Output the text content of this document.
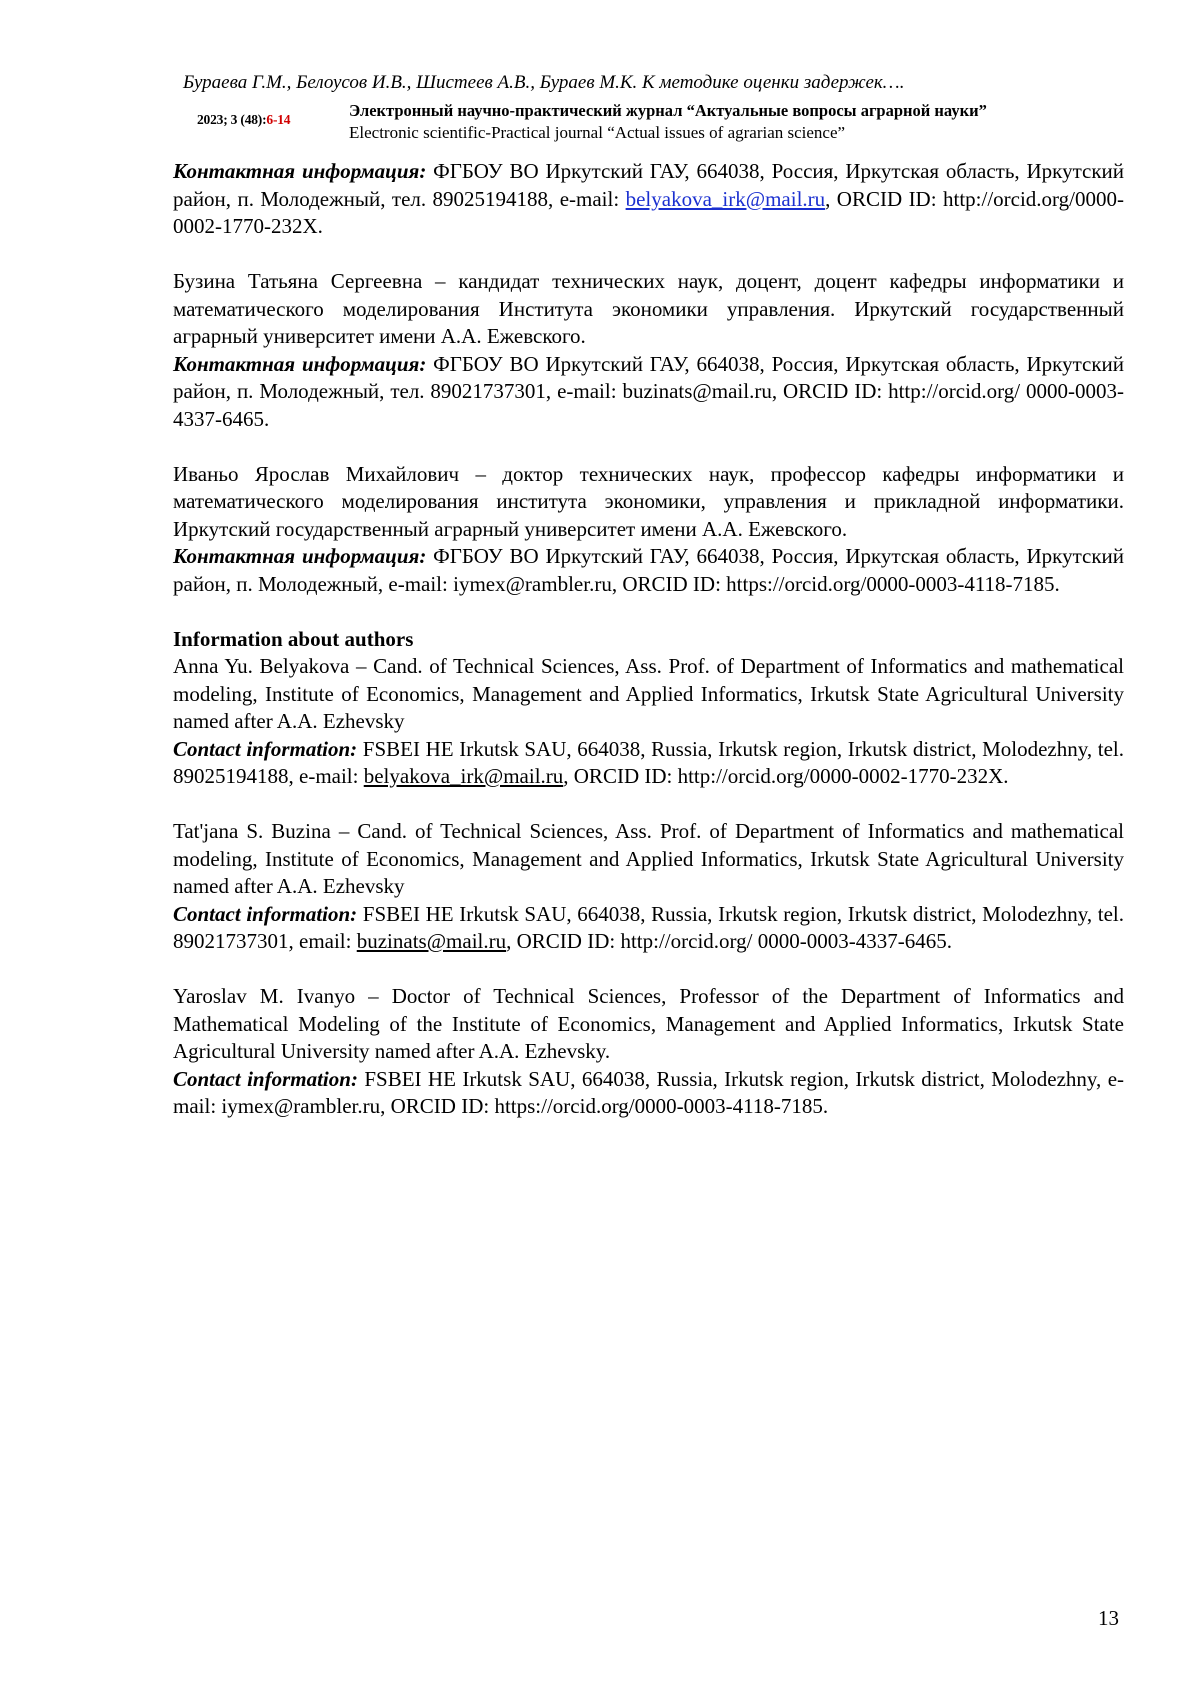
Бураева Г.М., Белоусов И.В., Шистеев А.В., Бураев М.К. К методике оценки задержек….
2023; 3 (48):6-14	Электронный научно-практический журнал “Актуальные вопросы аграрной науки”
Electronic scientific-Practical journal “Actual issues of agrarian science”

Контактная информация: ФГБОУ ВО Иркутский ГАУ, 664038, Россия, Иркутская область, Иркутский район, п. Молодежный, тел. 89025194188, e-mail: belyakova_irk@mail.ru, ORCID ID: http://orcid.org/0000-0002-1770-232X.

Бузина Татьяна Сергеевна – кандидат технических наук, доцент, доцент кафедры информатики и математического моделирования Института экономики управления. Иркутский государственный аграрный университет имени А.А. Ежевского.

Контактная информация: ФГБОУ ВО Иркутский ГАУ, 664038, Россия, Иркутская область, Иркутский район, п. Молодежный, тел. 89021737301, e-mail: buzinats@mail.ru, ORCID ID: http://orcid.org/ 0000-0003-4337-6465.

Иваньо Ярослав Михайлович – доктор технических наук, профессор кафедры информатики и математического моделирования института экономики, управления и прикладной информатики. Иркутский государственный аграрный университет имени А.А. Ежевского.

Контактная информация: ФГБОУ ВО Иркутский ГАУ, 664038, Россия, Иркутская область, Иркутский район, п. Молодежный, e-mail: iymex@rambler.ru, ORCID ID: https://orcid.org/0000-0003-4118-7185.

Information about authors

Anna Yu. Belyakova – Cand. of Technical Sciences, Ass. Prof. of Department of Informatics and mathematical modeling, Institute of Economics, Management and Applied Informatics, Irkutsk State Agricultural University named after A.A. Ezhevsky

Contact information: FSBEI HE Irkutsk SAU, 664038, Russia, Irkutsk region, Irkutsk district, Molodezhny, tel. 89025194188, e-mail: belyakova_irk@mail.ru, ORCID ID: http://orcid.org/0000-0002-1770-232X.

Tat'jana S. Buzina – Cand. of Technical Sciences, Ass. Prof. of Department of Informatics and mathematical modeling, Institute of Economics, Management and Applied Informatics, Irkutsk State Agricultural University named after A.A. Ezhevsky

Contact information: FSBEI HE Irkutsk SAU, 664038, Russia, Irkutsk region, Irkutsk district, Molodezhny, tel. 89021737301, email: buzinats@mail.ru, ORCID ID: http://orcid.org/ 0000-0003-4337-6465.

Yaroslav M. Ivanyo – Doctor of Technical Sciences, Professor of the Department of Informatics and Mathematical Modeling of the Institute of Economics, Management and Applied Informatics, Irkutsk State Agricultural University named after A.A. Ezhevsky.

Contact information: FSBEI HE Irkutsk SAU, 664038, Russia, Irkutsk region, Irkutsk district, Molodezhny, e-mail: iymex@rambler.ru, ORCID ID: https://orcid.org/0000-0003-4118-7185.

13
